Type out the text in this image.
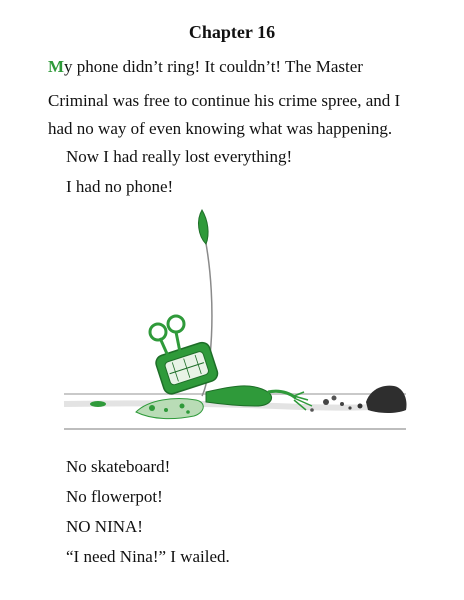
Chapter 16
My phone didn’t ring! It couldn’t! The Master
Criminal was free to continue his crime spree, and I
had no way of even knowing what was happening.
Now I had really lost everything!
I had no phone!
No skateboard!
No flowerpot!
NO NINA!
“I need Nina!” I wailed.
